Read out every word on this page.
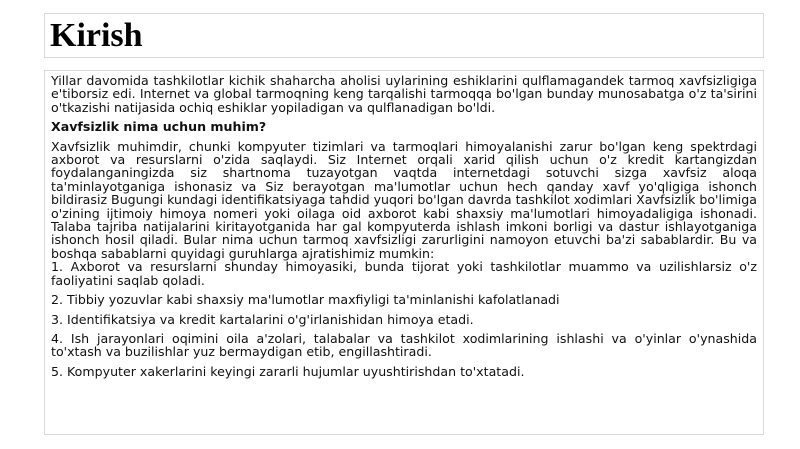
Kirish

Yillar davomida tashkilotlar kichik shaharcha aholisi uylarining eshiklarini qulflamagandek tarmoq xavfsizligiga e'tiborsiz edi. Internet va global tarmoqning keng tarqalishi tarmoqqa bo'lgan bunday munosabatga o'z ta'sirini o'tkazishi natijasida ochiq eshiklar yopiladigan va qulflanadigan bo'ldi.

Xavfsizlik nima uchun muhim?

Xavfsizlik muhimdir, chunki kompyuter tizimlari va tarmoqlari himoyalanishi zarur bo'lgan keng spektrdagi axborot va resurslarni o'zida saqlaydi. Siz Internet orqali xarid qilish uchun o'z kredit kartangizdan foydalanganingizda siz shartnoma tuzayotgan vaqtda internetdagi sotuvchi sizga xavfsiz aloqa ta'minlayotganiga ishonasiz va Siz berayotgan ma'lumotlar uchun hech qanday xavf yo'qligiga ishonch bildirasiz Bugungi kundagi identifikatsiyaga tahdid yuqori bo'lgan davrda tashkilot xodimlari Xavfsizlik bo'limiga o'zining ijtimoiy himoya nomeri yoki oilaga oid axborot kabi shaxsiy ma'lumotlari himoyadaligiga ishonadi. Talaba tajriba natijalarini kiritayotganida har gal kompyuterda ishlash imkoni borligi va dastur ishlayotganiga ishonch hosil qiladi. Bular nima uchun tarmoq xavfsizligi zarurligini namoyon etuvchi ba'zi sabablardir. Bu va boshqa sabablarni quyidagi guruhlarga ajratishimiz mumkin:

1. Axborot va resurslarni shunday himoyasiki, bunda tijorat yoki tashkilotlar muammo va uzilishlarsiz o'z faoliyatini saqlab qoladi.

2. Tibbiy yozuvlar kabi shaxsiy ma'lumotlar maxfiyligi ta'minlanishi kafolatlanadi

3. Identifikatsiya va kredit kartalarini o'g'irlanishidan himoya etadi.

4. Ish jarayonlari oqimini oila a'zolari, talabalar va tashkilot xodimlarining ishlashi va o'yinlar o'ynashida to'xtash va buzilishlar yuz bermaydigan etib, engillashtiradi.

5. Kompyuter xakerlarini keyingi zararli hujumlar uyushtirishdan to'xtatadi.
